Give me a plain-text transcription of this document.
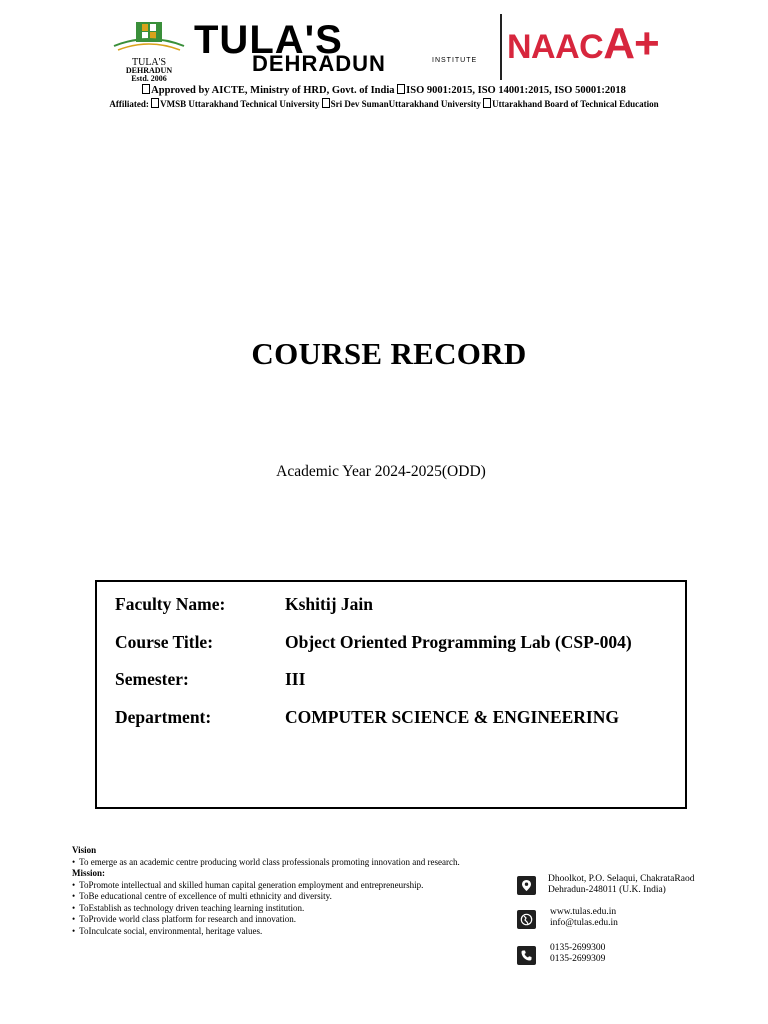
TULA'S
DEHRADUN
Estd. 2006
TULA'S
DEHRADUN	INSTITUTE NAACA+
Approved by AICTE, Ministry of HRD, Govt. of India ISO 9001:2015, ISO 14001:2015, ISO 50001:2018
Affiliated: VMSB Uttarakhand Technical University Sri Dev SumanUttarakhand University Uttarakhand Board of Technical Education
COURSE RECORD
Academic Year 2024-2025(ODD)
Faculty Name:	Kshitij Jain
Course Title:	Object Oriented Programming Lab (CSP-004)
Semester:	III
Department:	COMPUTER SCIENCE & ENGINEERING
Vision
• To emerge as an academic centre producing world class professionals promoting innovation and research.
Mission:
• ToPromote intellectual and skilled human capital generation employment and entrepreneurship.
• ToBe educational centre of excellence of multi ethnicity and diversity.
• ToEstablish as technology driven teaching learning institution.
• ToProvide world class platform for research and innovation.
• ToInculcate social, environmental, heritage values.
Dhoolkot, P.O. Selaqui, ChakrataRaod
Dehradun-248011 (U.K. India)
www.tulas.edu.in
info@tulas.edu.in
0135-2699300
0135-2699309
